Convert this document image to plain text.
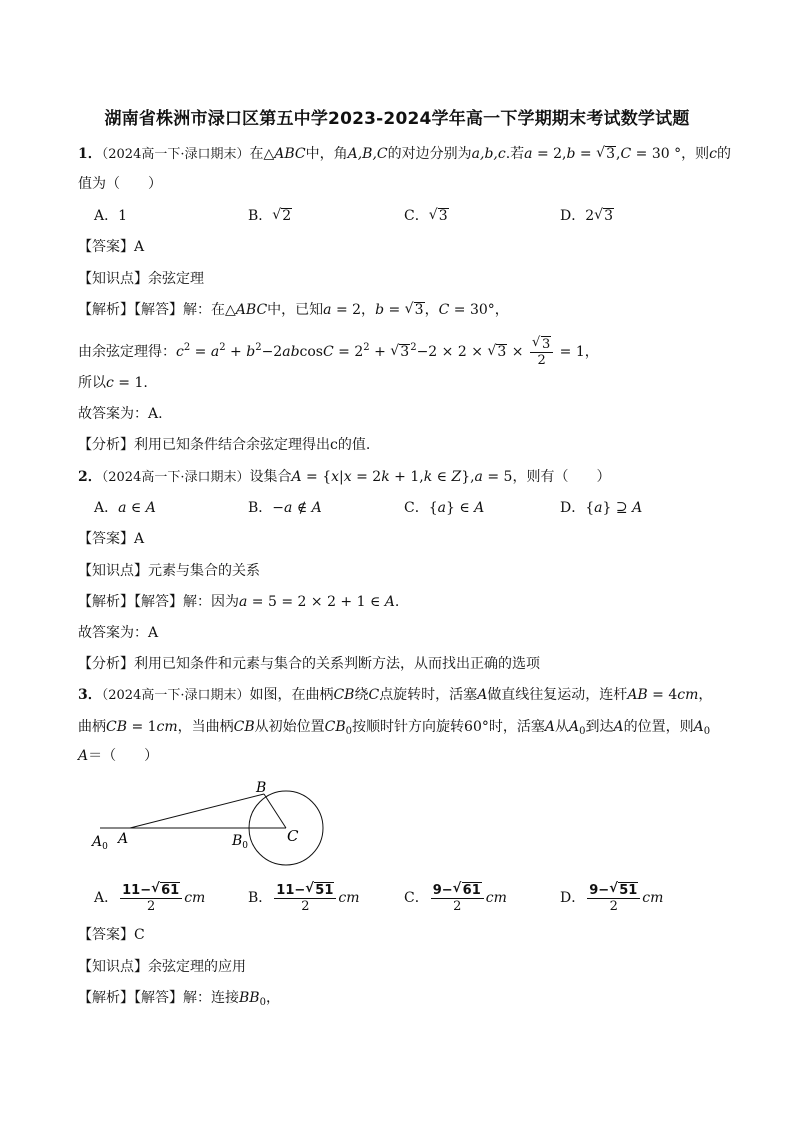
湖南省株洲市渌口区第五中学2023-2024学年高一下学期期末考试数学试题
1．（2024高一下·渌口期末）在△ABC中，角A,B,C的对边分别为a,b,c.若a = 2,b = √ 3,C = 30 °，则c的
值为（　　）
A．1	B． √ 2	C． √ 3	D．2 √ 3
【答案】A
【知识点】余弦定理
【解析】【解答】解：在△ABC中，已知a = 2，b = √ 3，C = 30°，
由余弦定理得：$c^2 = a^2 + b^2-2abcosC = 2^2$ + √ $3^2-2 \times 2$ × √ 3 × √ $\frac{3}{2} = 1$，
所以c = 1.
故答案为：A.
【分析】利用已知条件结合余弦定理得出c的值.
2．（2024高一下·渌口期末）设集合A = {x|x = 2k + 1,k ∈ Z},a = 5，则有（　　）
A．a ∈ A	B．−a ∉ A	C．{a} ∈ A	D．{a} ⊇ A
【答案】A
【知识点】元素与集合的关系
【解析】【解答】解：因为a = 5 = 2 × 2 + 1 ∈ A.
故答案为：A
【分析】利用已知条件和元素与集合的关系判断方法，从而找出正确的选项
3．（2024高一下·渌口期末）如图，在曲柄CB绕C点旋转时，活塞A做直线往复运动，连杆AB = 4cm，
曲柄CB = 1cm，当曲柄CB从初始位置$CB_0$按顺时针方向旋转60°时，活塞A从$A_0$到达A的位置，则$A_0$
A＝（　　）
$A_0$ A	$B_0$
B
C
A． $\frac{11- √ 61}{2}$ cm	B． $\frac{11- √ 51}{2}$ cm	C． $\frac{9- √ 61}{2}$ cm	D． $\frac{9- √ 51}{2}$ cm
【答案】C
【知识点】余弦定理的应用
【解析】【解答】解：连接$BB_0$，
